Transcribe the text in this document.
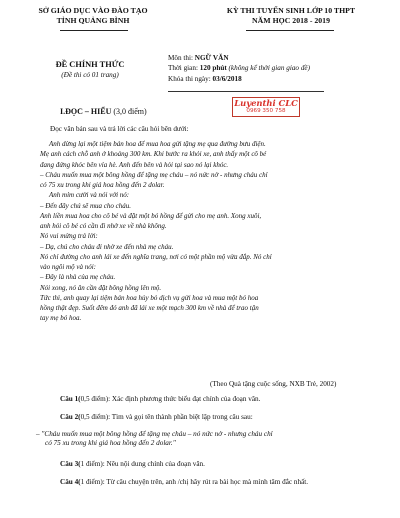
SỞ GIÁO DỤC VÀO ĐÀO TẠO
TỈNH QUẢNG BÌNH
KỲ THI TUYỂN SINH LỚP 10 THPT
NĂM HỌC 2018 - 2019
ĐỀ CHÍNH THỨC
(Đề thi có 01 trang)
Môn thi: NGỮ VĂN
Thời gian: 120 phút (không kể thời gian giao đề)
Khóa thi ngày: 03/6/2018
Luyenthi CLC
0969 350 758
I.ĐỌC – HIỂU (3,0 điểm)
Đọc văn bản sau và trả lời các câu hỏi bên dưới:

Anh dừng lại một tiệm bán hoa để mua hoa gửi tặng mẹ qua đường bưu điện.

Mẹ anh cách chỗ anh ở khoảng 300 km. Khi bước ra khỏi xe, anh thấy một cô bé

đang đứng khóc bên vỉa hè. Anh đến bên và hỏi tại sao nó lại khóc.

– Cháu muốn mua một bông hồng để tặng mẹ cháu – nó nức nở - nhưng cháu chỉ

có 75 xu trong khi giá hoa hồng đến 2 dolar.

Anh mỉm cười và nói với nó:

– Đến đây chú sẽ mua cho cháu.

Anh liền mua hoa cho cô bé và đặt một bó hồng để gửi cho mẹ anh. Xong xuôi,

anh hỏi cô bé có cần đi nhờ xe về nhà không.

Nó vui mừng trả lời:

– Dạ, chú cho cháu đi nhờ xe đến nhà mẹ cháu.

Nó chỉ đường cho anh lái xe đến nghĩa trang, nơi có một phần mộ vừa đắp. Nó chỉ

vào ngôi mộ và nói:

– Đây là nhà của mẹ cháu.

Nói xong, nó ân cần đặt bông hồng lên mộ.

Tức thì, anh quay lại tiệm bán hoa hủy bỏ dịch vụ gửi hoa và mua một bó hoa

hồng thật đẹp. Suốt đêm đó anh đã lái xe một mạch 300 km về nhà để trao tận

tay mẹ bó hoa.

(Theo Quà tặng cuộc sống, NXB Trẻ, 2002)
Câu 1(0,5 điểm): Xác định phương thức biểu đạt chính của đoạn văn.
Câu 2(0,5 điểm): Tìm và gọi tên thành phần biệt lập trong câu sau:
– "Cháu muốn mua một bông hồng để tặng mẹ cháu – nó nức nở - nhưng cháu chỉ
có 75 xu trong khi giá hoa hồng đến 2 dolar."
Câu 3(1 điểm): Nêu nội dung chính của đoạn văn.
Câu 4(1 điểm): Từ câu chuyện trên, anh /chị hãy rút ra bài học mà mình tâm đắc nhất.
